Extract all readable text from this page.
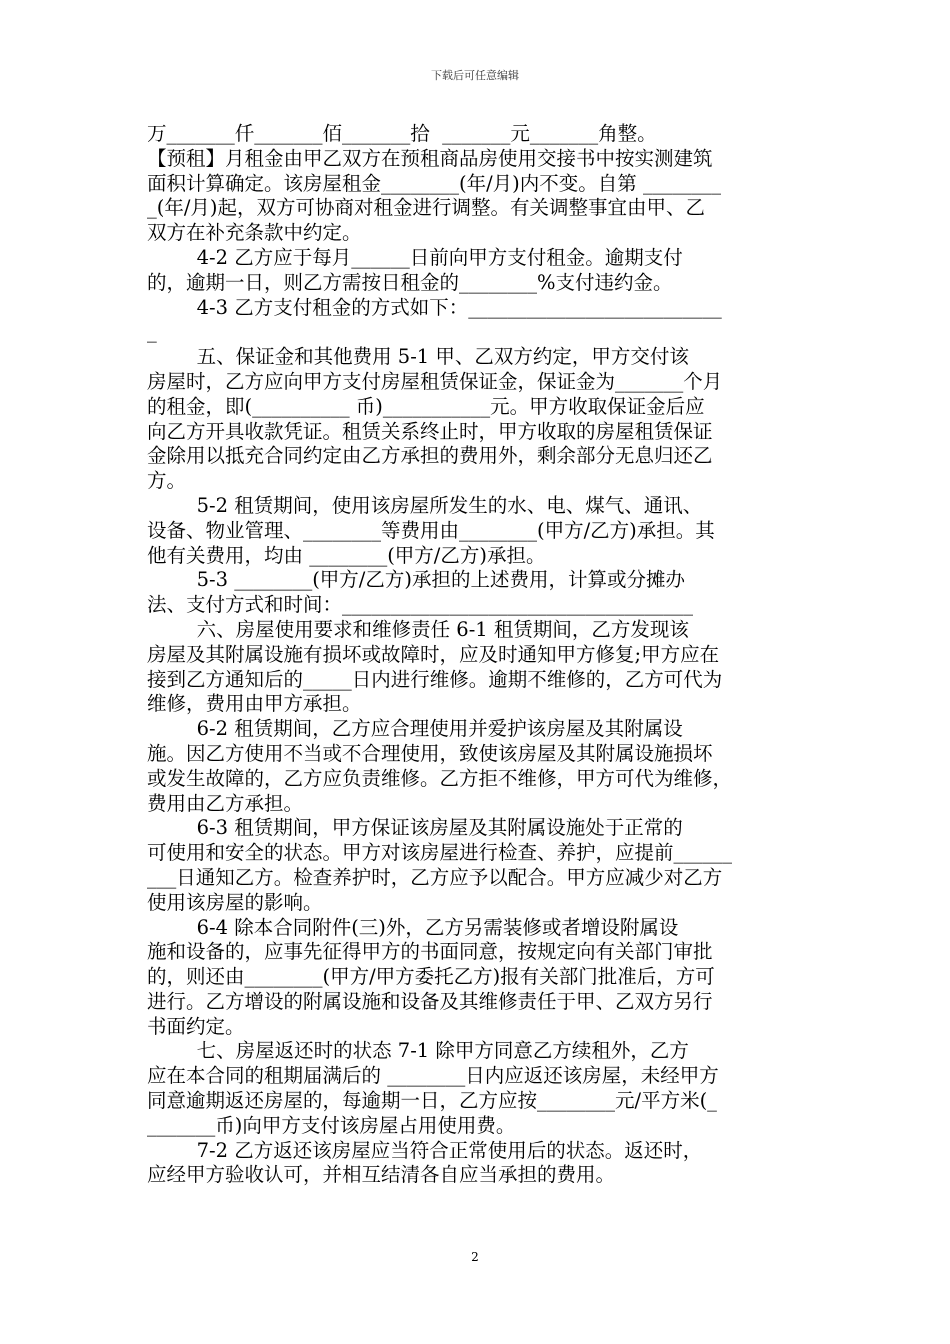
下载后可任意编辑
万_______仟_______佰_______拾  _______元_______角整。
【预租】月租金由甲乙双方在预租商品房使用交接书中按实测建筑
面积计算确定。该房屋租金________(年/月)内不变。自第 ________
_(年/月)起，双方可协商对租金进行调整。有关调整事宜由甲、乙
双方在补充条款中约定。
4-2 乙方应于每月______日前向甲方支付租金。逾期支付
的，逾期一日，则乙方需按日租金的________%支付违约金。
4-3 乙方支付租金的方式如下：__________________________
_
五、保证金和其他费用 5-1 甲、乙双方约定，甲方交付该
房屋时，乙方应向甲方支付房屋租赁保证金，保证金为_______个月
的租金，即(__________ 币)___________元。甲方收取保证金后应
向乙方开具收款凭证。租赁关系终止时，甲方收取的房屋租赁保证
金除用以抵充合同约定由乙方承担的费用外，剩余部分无息归还乙
方。
5-2 租赁期间，使用该房屋所发生的水、电、煤气、通讯、
设备、物业管理、________等费用由________(甲方/乙方)承担。其
他有关费用，均由 ________(甲方/乙方)承担。
5-3 ________(甲方/乙方)承担的上述费用，计算或分摊办
法、支付方式和时间：____________________________________
六、房屋使用要求和维修责任 6-1 租赁期间，乙方发现该
房屋及其附属设施有损坏或故障时，应及时通知甲方修复;甲方应在
接到乙方通知后的_____日内进行维修。逾期不维修的，乙方可代为
维修，费用由甲方承担。
6-2 租赁期间，乙方应合理使用并爱护该房屋及其附属设
施。因乙方使用不当或不合理使用，致使该房屋及其附属设施损坏
或发生故障的，乙方应负责维修。乙方拒不维修，甲方可代为维修，
费用由乙方承担。
6-3 租赁期间，甲方保证该房屋及其附属设施处于正常的
可使用和安全的状态。甲方对该房屋进行检查、养护，应提前______
___日通知乙方。检查养护时，乙方应予以配合。甲方应减少对乙方
使用该房屋的影响。
6-4 除本合同附件(三)外，乙方另需装修或者增设附属设
施和设备的，应事先征得甲方的书面同意，按规定向有关部门审批
的，则还由________(甲方/甲方委托乙方)报有关部门批准后，方可
进行。乙方增设的附属设施和设备及其维修责任于甲、乙双方另行
书面约定。
七、房屋返还时的状态 7-1 除甲方同意乙方续租外，乙方
应在本合同的租期届满后的 ________日内应返还该房屋，未经甲方
同意逾期返还房屋的，每逾期一日，乙方应按________元/平方米(_
_______币)向甲方支付该房屋占用使用费。
7-2 乙方返还该房屋应当符合正常使用后的状态。返还时，
应经甲方验收认可，并相互结清各自应当承担的费用。
2
